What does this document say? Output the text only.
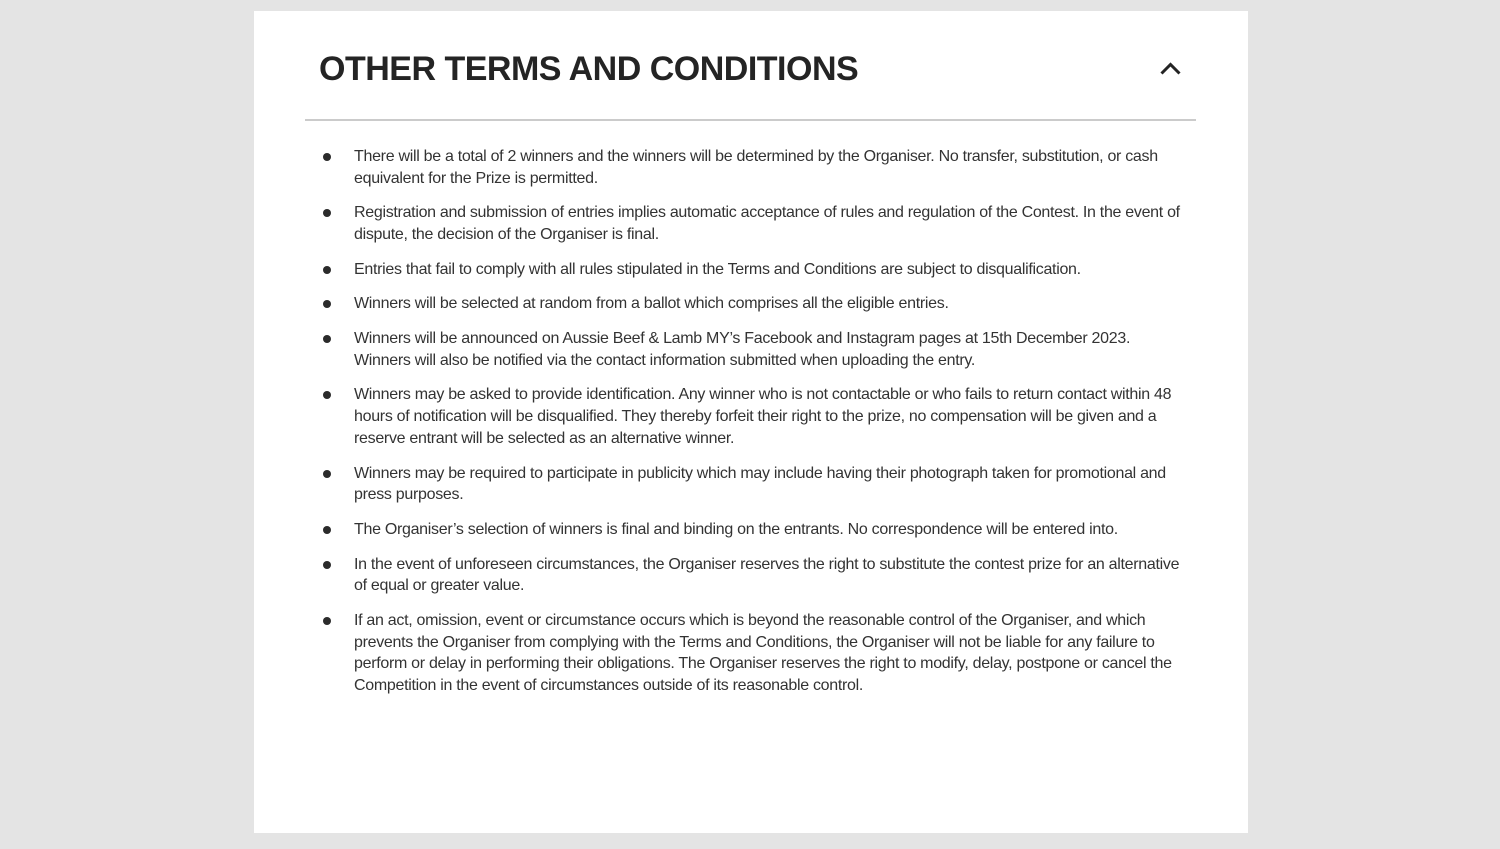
OTHER TERMS AND CONDITIONS
There will be a total of 2 winners and the winners will be determined by the Organiser. No transfer, substitution, or cash equivalent for the Prize is permitted.
Registration and submission of entries implies automatic acceptance of rules and regulation of the Contest. In the event of dispute, the decision of the Organiser is final.
Entries that fail to comply with all rules stipulated in the Terms and Conditions are subject to disqualification.
Winners will be selected at random from a ballot which comprises all the eligible entries.
Winners will be announced on Aussie Beef & Lamb MY’s Facebook and Instagram pages at 15th December 2023. Winners will also be notified via the contact information submitted when uploading the entry.
Winners may be asked to provide identification. Any winner who is not contactable or who fails to return contact within 48 hours of notification will be disqualified. They thereby forfeit their right to the prize, no compensation will be given and a reserve entrant will be selected as an alternative winner.
Winners may be required to participate in publicity which may include having their photograph taken for promotional and press purposes.
The Organiser’s selection of winners is final and binding on the entrants. No correspondence will be entered into.
In the event of unforeseen circumstances, the Organiser reserves the right to substitute the contest prize for an alternative of equal or greater value.
If an act, omission, event or circumstance occurs which is beyond the reasonable control of the Organiser, and which prevents the Organiser from complying with the Terms and Conditions, the Organiser will not be liable for any failure to perform or delay in performing their obligations. The Organiser reserves the right to modify, delay, postpone or cancel the Competition in the event of circumstances outside of its reasonable control.
